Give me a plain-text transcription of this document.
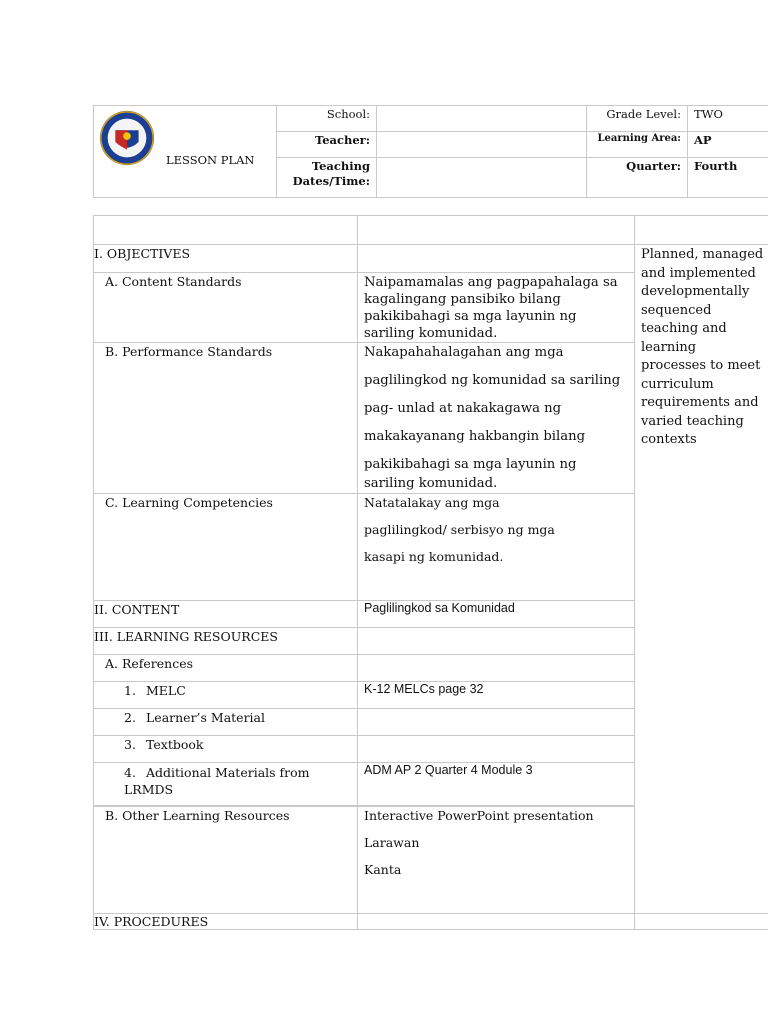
LESSON PLAN	School:		Grade Level:	TWO
	Teacher:		Learning Area:	AP
	Teaching Dates/Time:		Quarter:	Fourth

I. OBJECTIVES		Planned, managed and implemented developmentally sequenced teaching and learning processes to meet curriculum requirements and varied teaching contexts	
A. Content Standards	Naipamamalas ang pagpapahalaga sa kagalingang pansibiko bilang pakikibahagi sa mga layunin ng sariling komunidad.		
B. Performance Standards	Nakapahahalagahan ang mga

paglilingkod ng komunidad sa sariling

pag- unlad at nakakagawa ng

makakayanang hakbangin bilang

pakikibahagi sa mga layunin ng sariling komunidad.		

C. Learning Competencies	Natatalakay ang mga

paglilingkod/ serbisyo ng mga

kasapi ng komunidad.		

II. CONTENT	Paglilingkod sa Komunidad		
III. LEARNING RESOURCES			
A. References			
1. MELC	K-12 MELCs page 32		
2. Learner’s Material			
3. Textbook			
4. Additional Materials from LRMDS	ADM AP 2 Quarter 4 Module 3		

B. Other Learning Resources	Interactive PowerPoint presentation

Larawan

Kanta		

IV. PROCEDURES			
